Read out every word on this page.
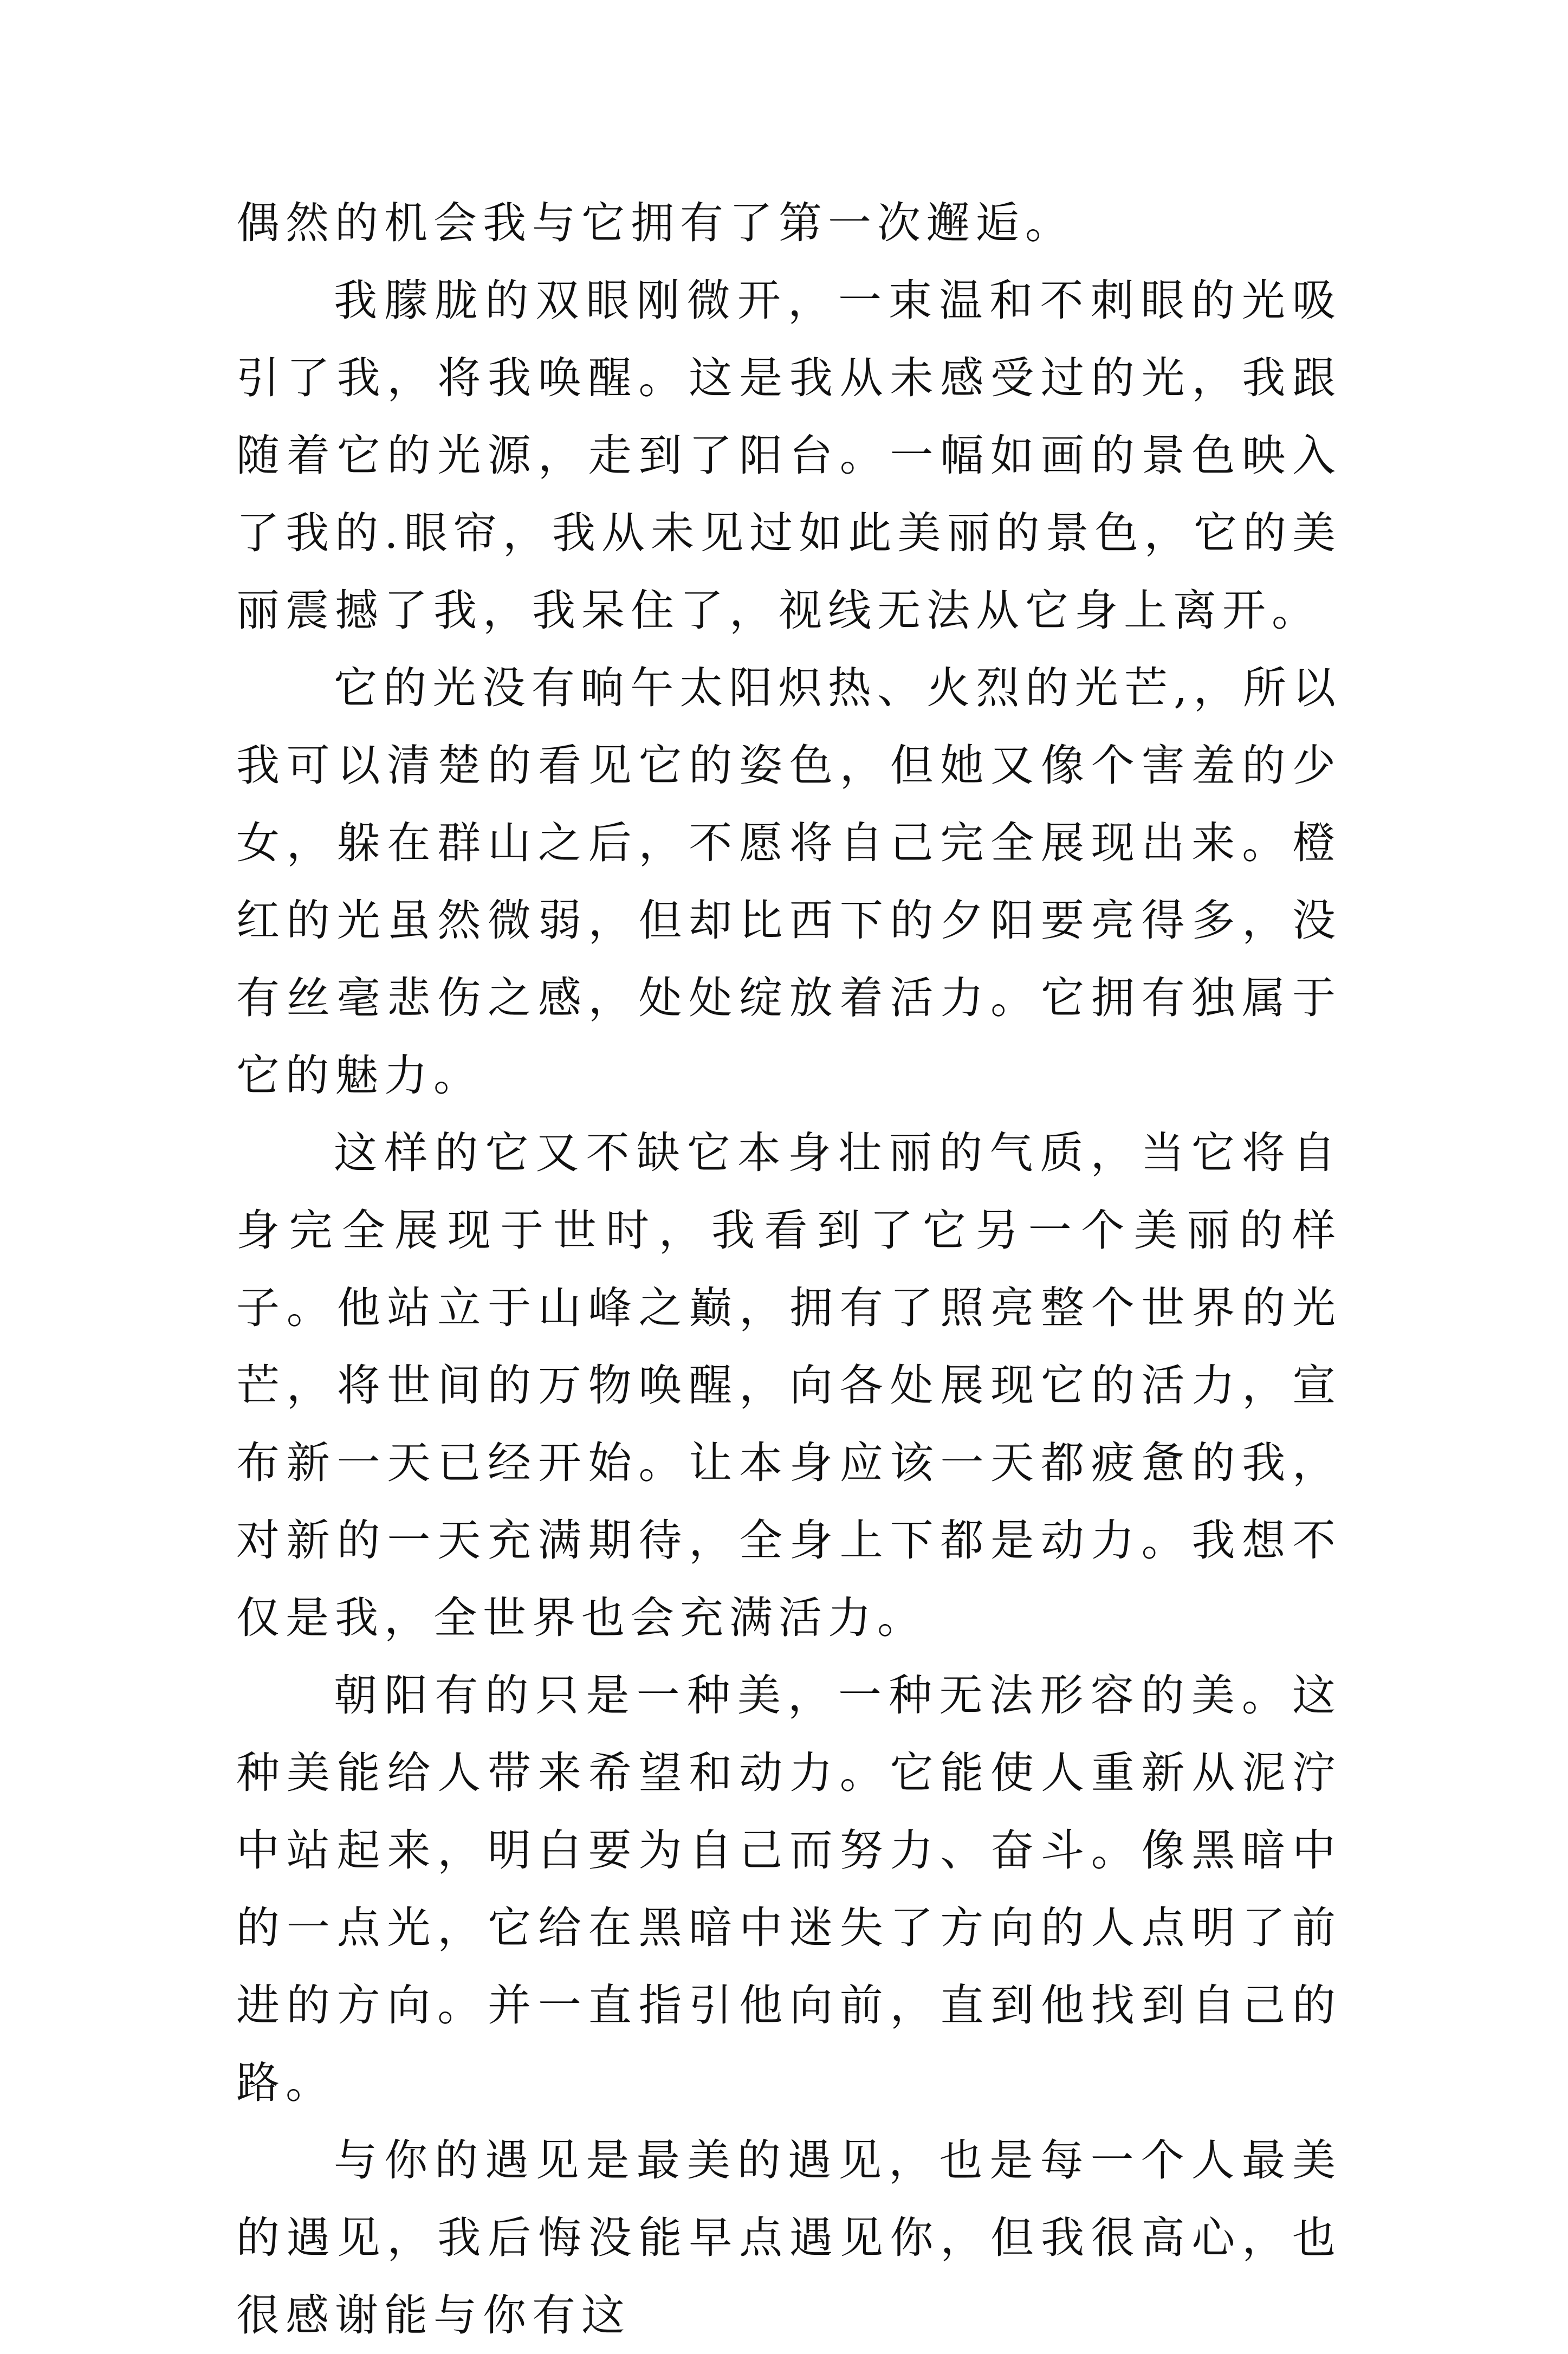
偶然的机会我与它拥有了第一次邂逅。

我朦胧的双眼刚微开，一束温和不刺眼的光吸引了我，将我唤醒。这是我从未感受过的光，我跟随着它的光源，走到了阳台。一幅如画的景色映入了我的.眼帘，我从未见过如此美丽的景色，它的美丽震撼了我，我呆住了，视线无法从它身上离开。

它的光没有晌午太阳炽热、火烈的光芒,，所以我可以清楚的看见它的姿色，但她又像个害羞的少女，躲在群山之后，不愿将自己完全展现出来。橙红的光虽然微弱，但却比西下的夕阳要亮得多，没有丝毫悲伤之感，处处绽放着活力。它拥有独属于它的魅力。

这样的它又不缺它本身壮丽的气质，当它将自身完全展现于世时，我看到了它另一个美丽的样子。他站立于山峰之巅，拥有了照亮整个世界的光芒，将世间的万物唤醒，向各处展现它的活力，宣布新一天已经开始。让本身应该一天都疲惫的我，对新的一天充满期待，全身上下都是动力。我想不仅是我，全世界也会充满活力。

朝阳有的只是一种美，一种无法形容的美。这种美能给人带来希望和动力。它能使人重新从泥泞中站起来，明白要为自己而努力、奋斗。像黑暗中的一点光，它给在黑暗中迷失了方向的人点明了前进的方向。并一直指引他向前，直到他找到自己的路。

与你的遇见是最美的遇见，也是每一个人最美的遇见，我后悔没能早点遇见你，但我很高心，也很感谢能与你有这
